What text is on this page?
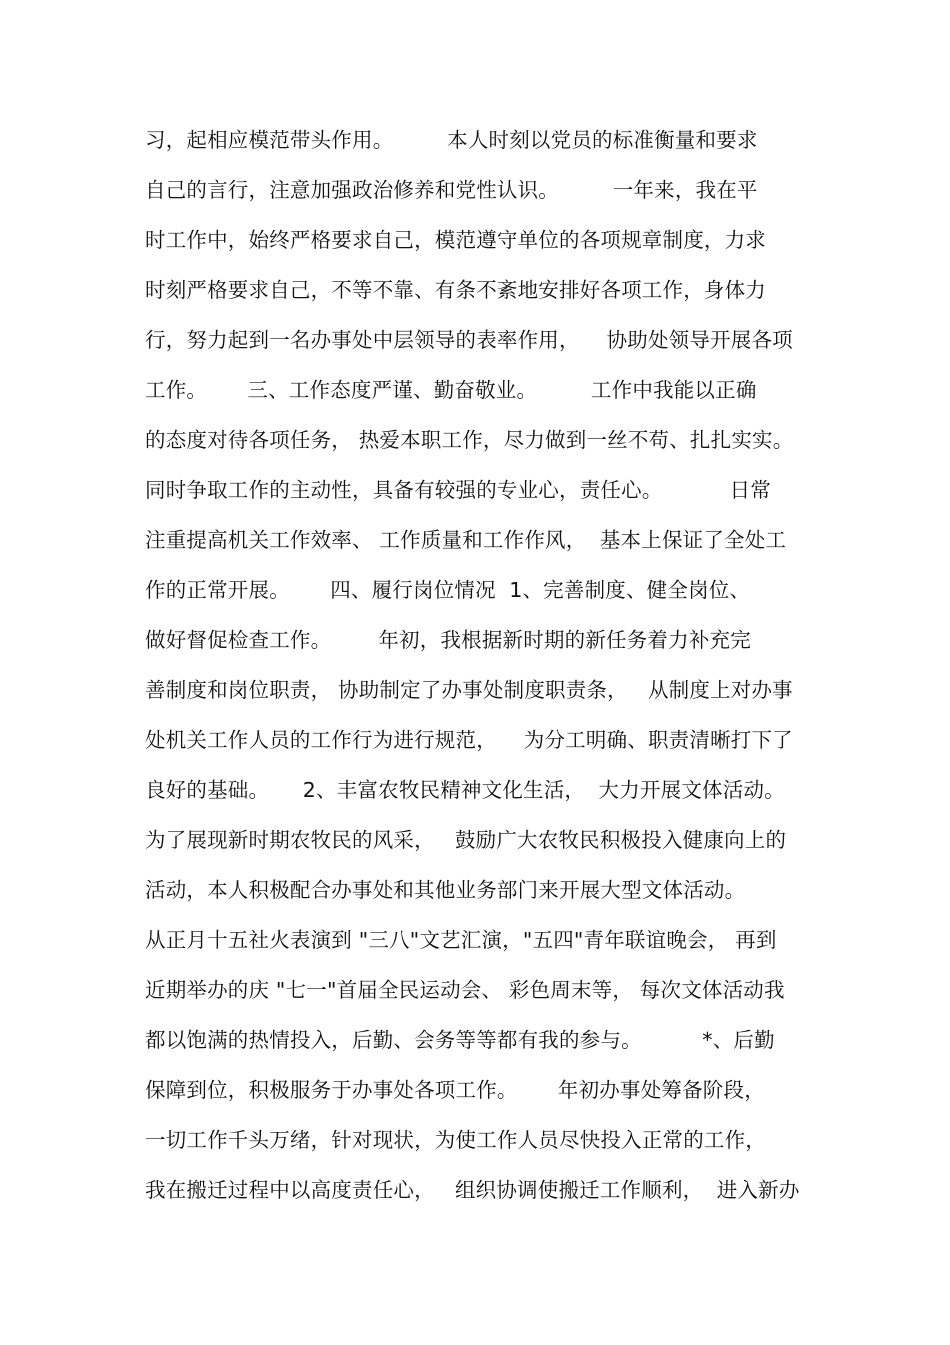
习，起相应模范带头作用。        本人时刻以党员的标准衡量和要求
自己的言行，注意加强政治修养和党性认识。        一年来，我在平
时工作中，始终严格要求自己，模范遵守单位的各项规章制度，力求
时刻严格要求自己，不等不靠、有条不紊地安排好各项工作，身体力
行，努力起到一名办事处中层领导的表率作用，    协助处领导开展各项
工作。      三、工作态度严谨、勤奋敬业。        工作中我能以正确
的态度对待各项任务， 热爱本职工作，尽力做到一丝不苟、扎扎实实。
同时争取工作的主动性，具备有较强的专业心，责任心。          日常
注重提高机关工作效率、 工作质量和工作作风，  基本上保证了全处工
作的正常开展。      四、履行岗位情况  1、完善制度、健全岗位、
做好督促检查工作。       年初，我根据新时期的新任务着力补充完
善制度和岗位职责， 协助制定了办事处制度职责条，   从制度上对办事
处机关工作人员的工作行为进行规范，    为分工明确、职责清晰打下了
良好的基础。     2、丰富农牧民精神文化生活，  大力开展文体活动。
为了展现新时期农牧民的风采，   鼓励广大农牧民积极投入健康向上的
活动，本人积极配合办事处和其他业务部门来开展大型文体活动。
从正月十五社火表演到 "三八"文艺汇演，"五四"青年联谊晚会， 再到
近期举办的庆 "七一"首届全民运动会、 彩色周末等， 每次文体活动我
都以饱满的热情投入，后勤、会务等等都有我的参与。         *、后勤
保障到位，积极服务于办事处各项工作。      年初办事处筹备阶段，
一切工作千头万绪，针对现状，为使工作人员尽快投入正常的工作，
我在搬迁过程中以高度责任心，   组织协调使搬迁工作顺利，  进入新办
